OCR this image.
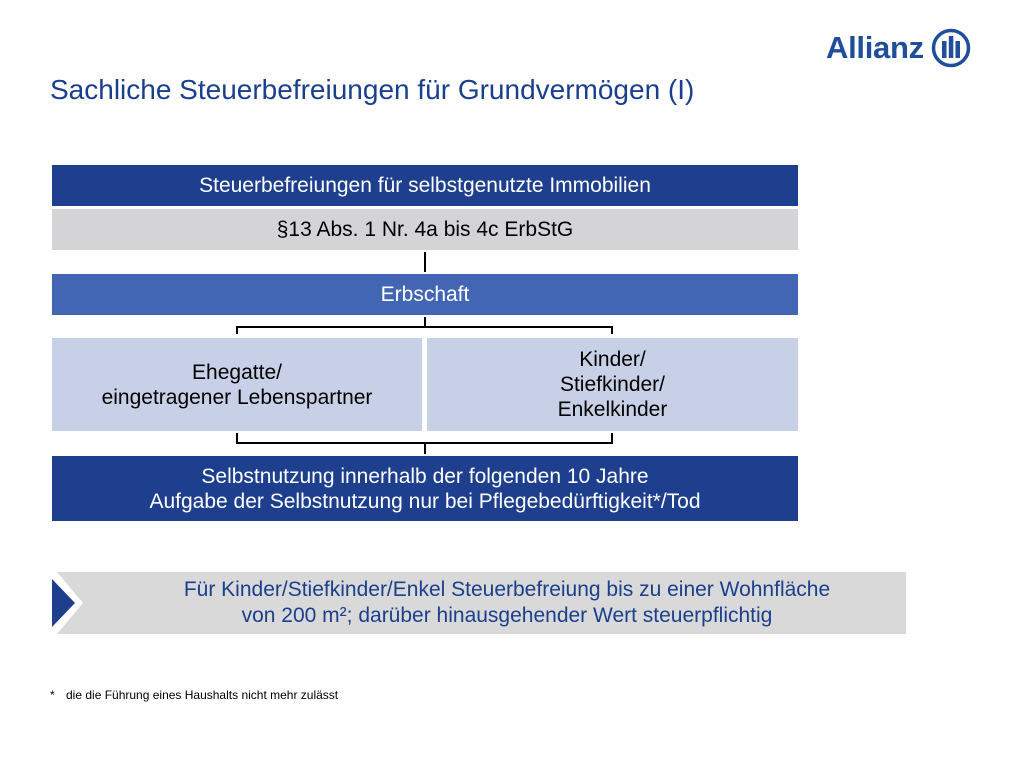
Allianz
Sachliche Steuerbefreiungen für Grundvermögen (I)
Steuerbefreiungen für selbstgenutzte Immobilien
§13 Abs. 1 Nr. 4a bis 4c ErbStG
Erbschaft
Ehegatte/
eingetragener Lebenspartner
Kinder/
Stiefkinder/
Enkelkinder
Selbstnutzung innerhalb der folgenden 10 Jahre
Aufgabe der Selbstnutzung nur bei Pflegebedürftigkeit*/Tod
Für Kinder/Stiefkinder/Enkel Steuerbefreiung bis zu einer Wohnfläche
von 200 m²; darüber hinausgehender Wert steuerpflichtig
* die die Führung eines Haushalts nicht mehr zulässt
